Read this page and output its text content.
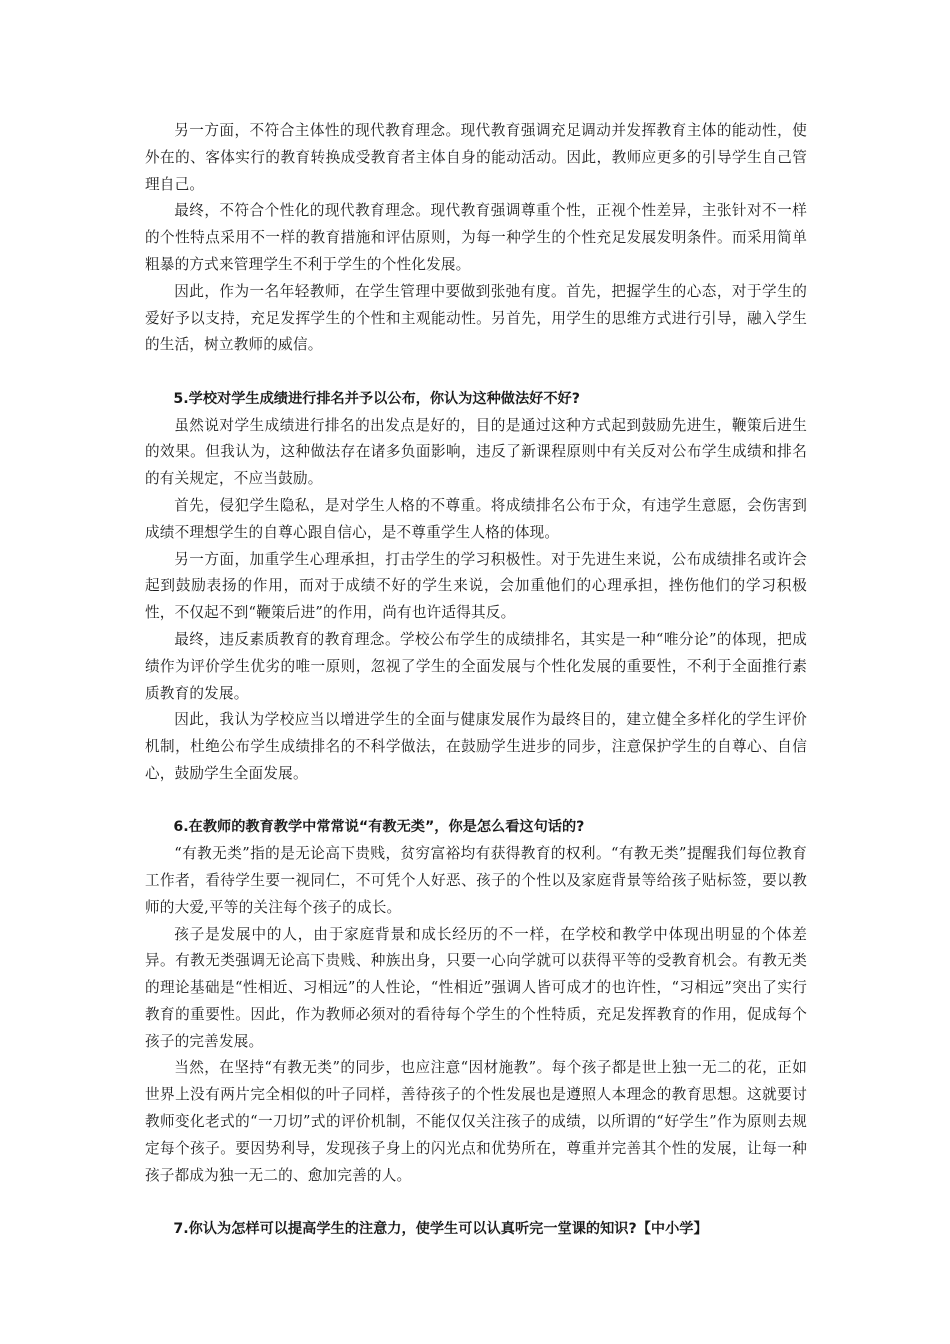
另一方面，不符合主体性的现代教育理念。现代教育强调充足调动并发挥教育主体的能动性，使外在的、客体实行的教育转换成受教育者主体自身的能动活动。因此，教师应更多的引导学生自己管理自己。

最终，不符合个性化的现代教育理念。现代教育强调尊重个性，正视个性差异，主张针对不一样的个性特点采用不一样的教育措施和评估原则，为每一种学生的个性充足发展发明条件。而采用简单粗暴的方式来管理学生不利于学生的个性化发展。

因此，作为一名年轻教师，在学生管理中要做到张弛有度。首先，把握学生的心态，对于学生的爱好予以支持，充足发挥学生的个性和主观能动性。另首先，用学生的思维方式进行引导，融入学生的生活，树立教师的威信。

5.学校对学生成绩进行排名并予以公布，你认为这种做法好不好?

虽然说对学生成绩进行排名的出发点是好的，目的是通过这种方式起到鼓励先进生，鞭策后进生的效果。但我认为，这种做法存在诸多负面影响，违反了新课程原则中有关反对公布学生成绩和排名的有关规定，不应当鼓励。

首先，侵犯学生隐私，是对学生人格的不尊重。将成绩排名公布于众，有违学生意愿，会伤害到成绩不理想学生的自尊心跟自信心，是不尊重学生人格的体现。

另一方面，加重学生心理承担，打击学生的学习积极性。对于先进生来说，公布成绩排名或许会起到鼓励表扬的作用，而对于成绩不好的学生来说，会加重他们的心理承担，挫伤他们的学习积极性，不仅起不到“鞭策后进”的作用，尚有也许适得其反。

最终，违反素质教育的教育理念。学校公布学生的成绩排名，其实是一种“唯分论”的体现，把成绩作为评价学生优劣的唯一原则，忽视了学生的全面发展与个性化发展的重要性，不利于全面推行素质教育的发展。

因此，我认为学校应当以增进学生的全面与健康发展作为最终目的，建立健全多样化的学生评价机制，杜绝公布学生成绩排名的不科学做法，在鼓励学生进步的同步，注意保护学生的自尊心、自信心，鼓励学生全面发展。

6.在教师的教育教学中常常说“有教无类”，你是怎么看这句话的?

“有教无类”指的是无论高下贵贱，贫穷富裕均有获得教育的权利。“有教无类”提醒我们每位教育工作者，看待学生要一视同仁，不可凭个人好恶、孩子的个性以及家庭背景等给孩子贴标签，要以教师的大爱,平等的关注每个孩子的成长。

孩子是发展中的人，由于家庭背景和成长经历的不一样，在学校和教学中体现出明显的个体差异。有教无类强调无论高下贵贱、种族出身，只要一心向学就可以获得平等的受教育机会。有教无类的理论基础是“性相近、习相远”的人性论，“性相近”强调人皆可成才的也许性，“习相远”突出了实行教育的重要性。因此，作为教师必须对的看待每个学生的个性特质，充足发挥教育的作用，促成每个孩子的完善发展。

当然，在坚持“有教无类”的同步，也应注意“因材施教”。每个孩子都是世上独一无二的花，正如世界上没有两片完全相似的叶子同样，善待孩子的个性发展也是遵照人本理念的教育思想。这就要讨教师变化老式的“一刀切”式的评价机制，不能仅仅关注孩子的成绩，以所谓的“好学生”作为原则去规定每个孩子。要因势利导，发现孩子身上的闪光点和优势所在，尊重并完善其个性的发展，让每一种孩子都成为独一无二的、愈加完善的人。

7.你认为怎样可以提高学生的注意力，使学生可以认真听完一堂课的知识?【中小学】
